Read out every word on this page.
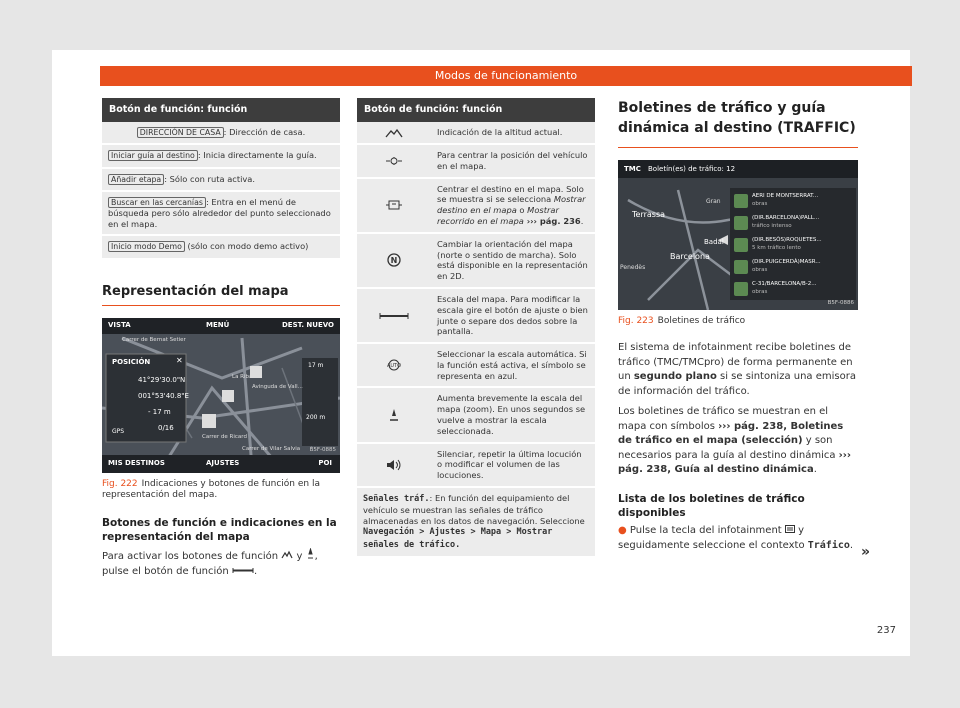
Modos de funcionamiento
Botón de función: función
DIRECCIÓN DE CASA : Dirección de casa.
Iniciar guía al destino : Inicia directamente la guía.
Añadir etapa : Sólo con ruta activa.
Buscar en las cercanías : Entra en el menú de búsqueda pero sólo alrededor del punto seleccionado en el mapa.
Inicio modo Demo (sólo con modo demo activo)
Representación del mapa
VISTA	MENÚ	DEST. NUEVO
MIS DESTINOS	AJUSTES	POI
POSICIÓN	✕
41°29'30.0"N
001°53'40.8"E
- 17 m
0/16
GPS
17 m
200 m
Carrer de Bernat Setier
La Riba
Avinguda de Vall...
Carrer de Ricard
Carrer de Vilar Salvia B5F-0885
Fig. 222 Indicaciones y botones de función en la representación del mapa.
Botones de función e indicaciones en la representación del mapa
Para activar los botones de función y , pulse el botón de función	.
Botón de función: función	

	Indicación de la altitud actual.

	Para centrar la posición del vehículo en el mapa.

	Centrar el destino en el mapa. Solo se muestra si se selecciona Mostrar destino en el mapa o Mostrar recorrido en el mapa ››› pág. 236.

N	Cambiar la orientación del mapa (norte o sentido de marcha). Solo está disponible en la representación en 2D.

	Escala del mapa. Para modificar la escala gire el botón de ajuste o bien junte o separe dos dedos sobre la pantalla.

AUTO	Seleccionar la escala automática. Si la función está activa, el símbolo se representa en azul.

	Aumenta brevemente la escala del mapa (zoom). En unos segundos se vuelve a mostrar la escala seleccionada.

	Silenciar, repetir la última locución o modificar el volumen de las locuciones.
Señales tráf.: En función del equipamiento del vehículo se muestran las señales de tráfico almacenadas en los datos de navegación. Seleccione Navegación > Ajustes > Mapa > Mostrar señales de tráfico.	
Boletines de tráfico y guía dinámica al destino (TRAFFIC)
TMC Boletín(es) de tráfico: 12
Terrassa
Barcelona
Penedès
Gran
Badal
AERI DE MONTSERRAT...
obras
(DIR.BARCELONA)PALL...
tráfico intenso
(DIR.BESÒS)ROQUETES...
5 km tráfico lento
(DIR.PUIGCERDÀ)MASR...
obras
C-31/BARCELONA/B-2...
obras
B5F-0886
Fig. 223 Boletines de tráfico
El sistema de infotainment recibe boletines de tráfico (TMC/TMCpro) de forma permanente en un segundo plano si se sintoniza una emisora de información del tráfico.
Los boletines de tráfico se muestran en el mapa con símbolos ››› pág. 238, Boletines de tráfico en el mapa (selección) y son necesarios para la guía al destino dinámica ››› pág. 238, Guía al destino dinámica.
Lista de los boletines de tráfico disponibles
● Pulse la tecla del infotainment  y seguidamente seleccione el contexto Tráfico. »
237
